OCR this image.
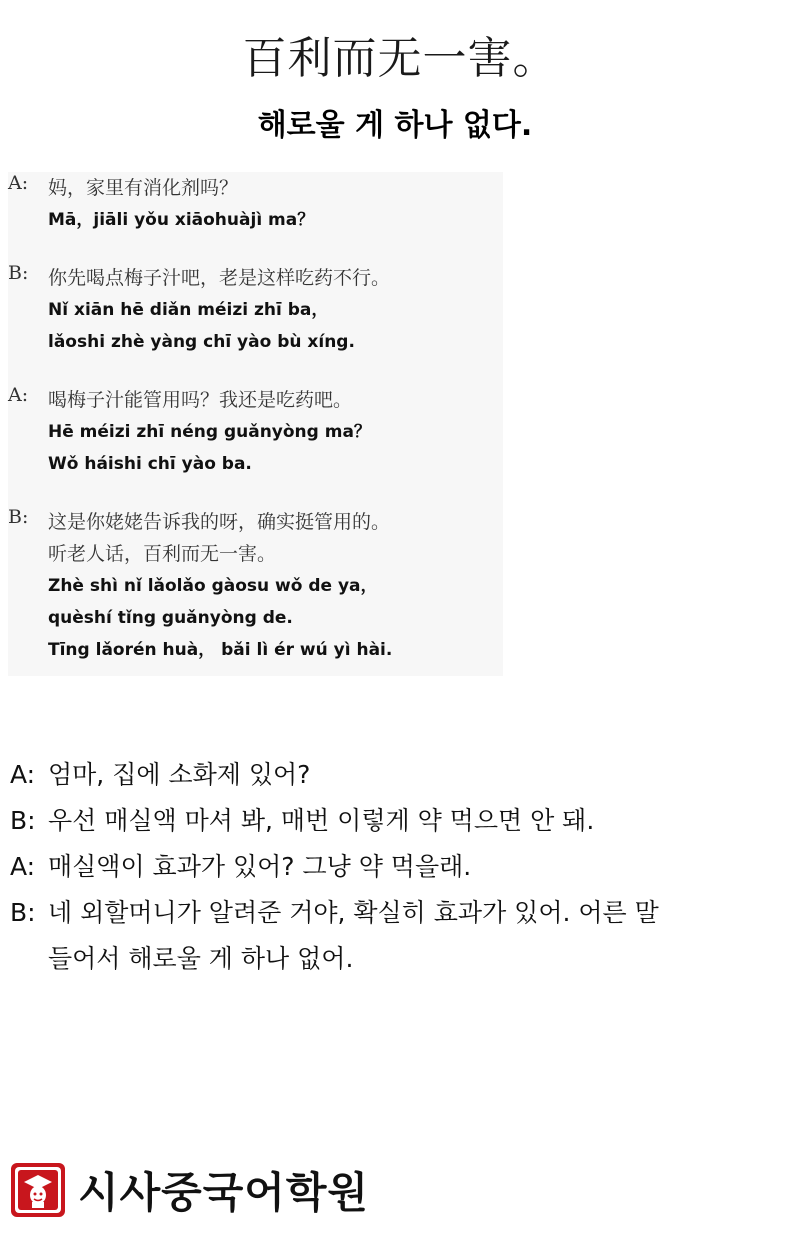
百利而无一害。
해로울 게 하나 없다.
A:	妈，家里有消化剂吗？
Mā，jiāli yǒu xiāohuàjì ma？
B:	你先喝点梅子汁吧，老是这样吃药不行。
Nǐ xiān hē diǎn méizi zhī ba，
lǎoshi zhè yàng chī yào bù xíng.
A:	喝梅子汁能管用吗？我还是吃药吧。
Hē méizi zhī néng guǎnyòng ma？
Wǒ háishi chī yào ba.
B:	这是你姥姥告诉我的呀，确实挺管用的。
听老人话，百利而无一害。
Zhè shì nǐ lǎolǎo gàosu wǒ de ya，
quèshí tǐng guǎnyòng de.
Tīng lǎorén huà， bǎi lì ér wú yì hài.
A: 엄마, 집에 소화제 있어?
B: 우선 매실액 마셔 봐, 매번 이렇게 약 먹으면 안 돼.
A: 매실액이 효과가 있어? 그냥 약 먹을래.
B: 네 외할머니가 알려준 거야, 확실히 효과가 있어. 어른 말
들어서 해로울 게 하나 없어.
시사중국어학원
